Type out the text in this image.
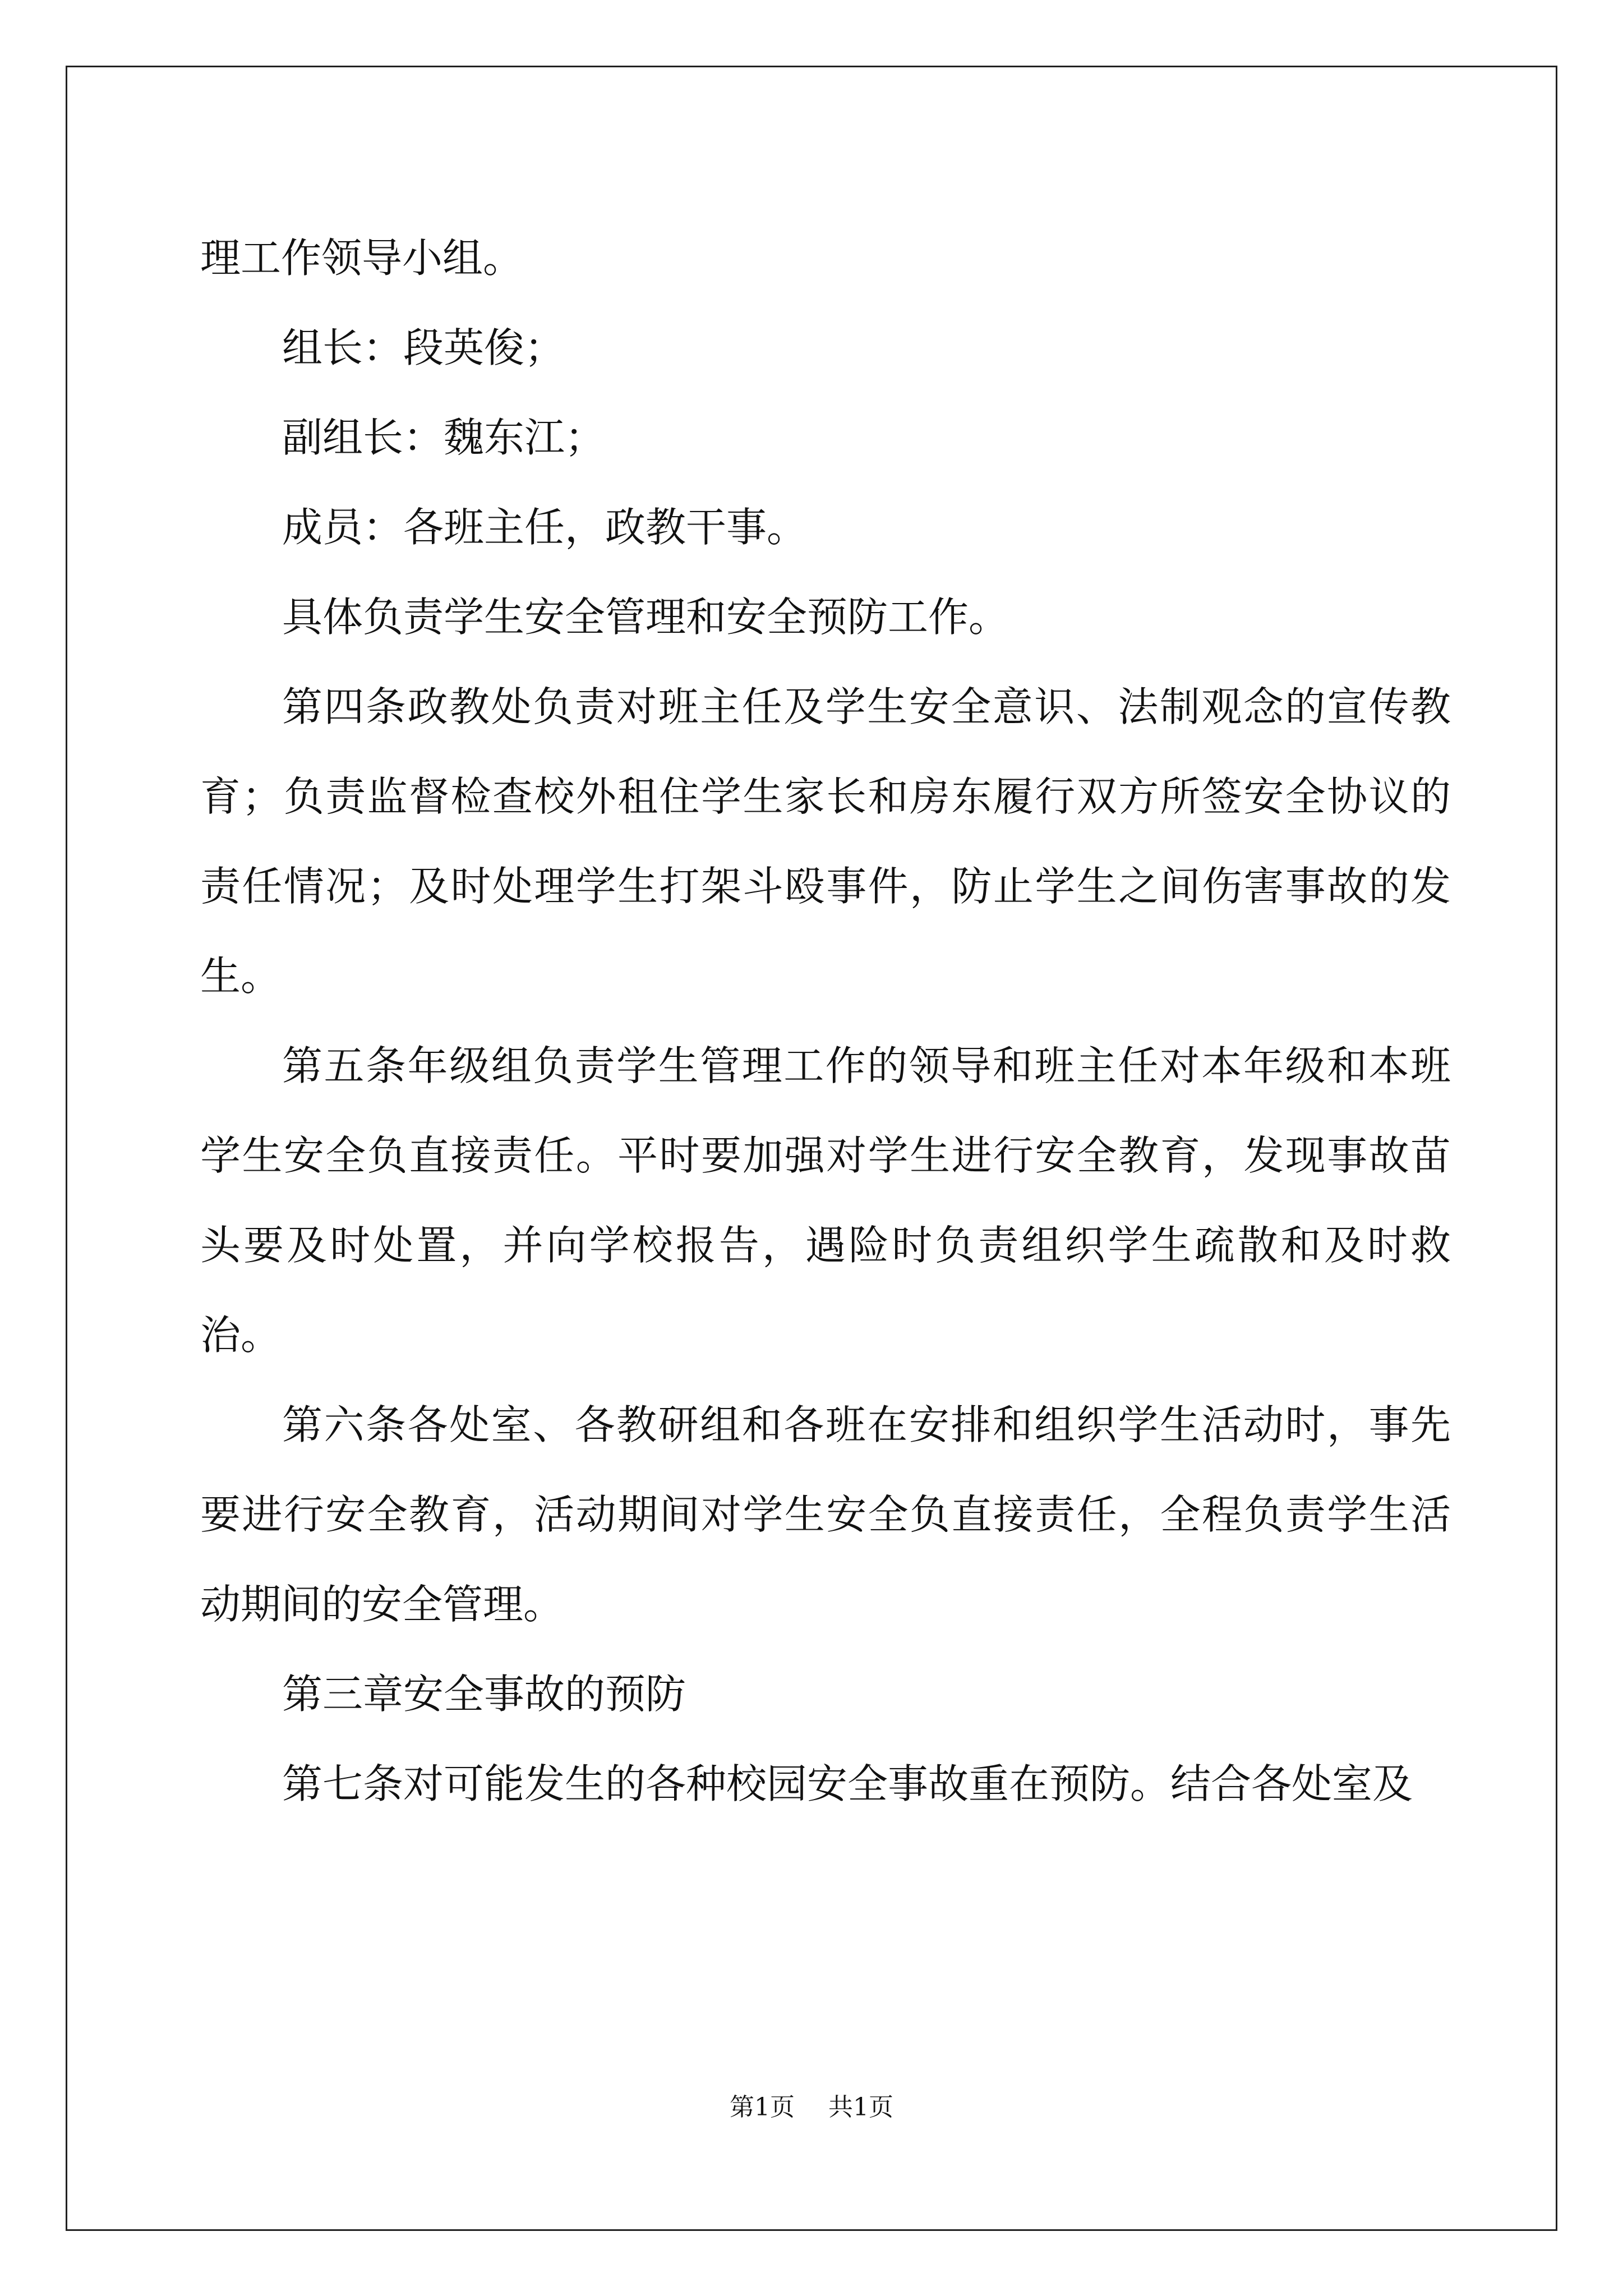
理工作领导小组。

组长：段英俊；

副组长：魏东江；

成员：各班主任，政教干事。

具体负责学生安全管理和安全预防工作。

第四条政教处负责对班主任及学生安全意识、法制观念的宣传教育；负责监督检查校外租住学生家长和房东履行双方所签安全协议的责任情况；及时处理学生打架斗殴事件，防止学生之间伤害事故的发生。

第五条年级组负责学生管理工作的领导和班主任对本年级和本班学生安全负直接责任。平时要加强对学生进行安全教育，发现事故苗头要及时处置，并向学校报告，遇险时负责组织学生疏散和及时救治。

第六条各处室、各教研组和各班在安排和组织学生活动时，事先要进行安全教育，活动期间对学生安全负直接责任，全程负责学生活动期间的安全管理。

第三章安全事故的预防

第七条对可能发生的各种校园安全事故重在预防。结合各处室及

第1页 共1页
